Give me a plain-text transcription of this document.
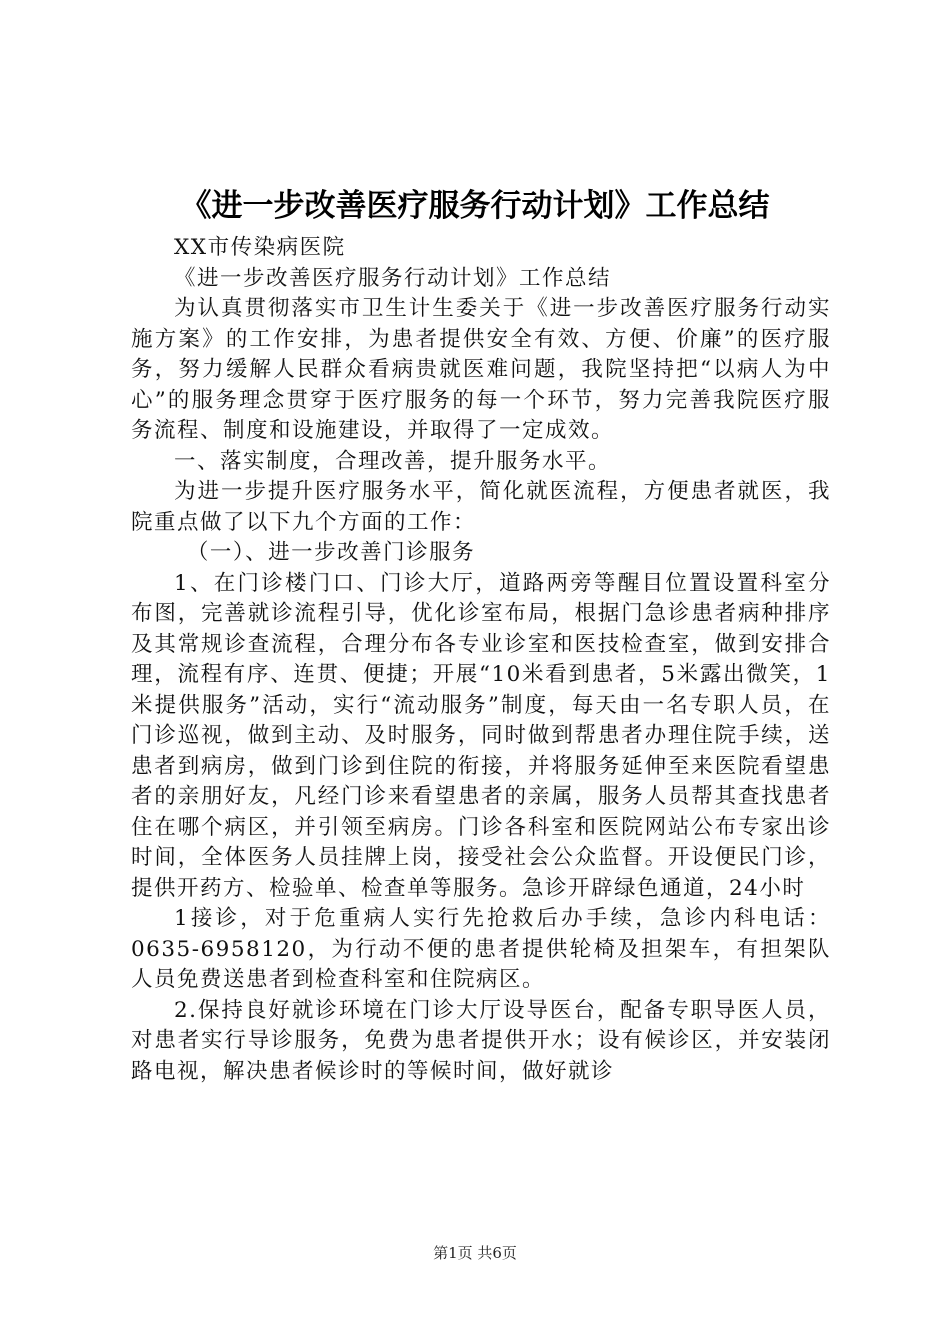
《进一步改善医疗服务行动计划》工作总结

XX市传染病医院

《进一步改善医疗服务行动计划》工作总结

为认真贯彻落实市卫生计生委关于《进一步改善医疗服务行动实施方案》的工作安排，为患者提供安全有效、方便、价廉”的医疗服务，努力缓解人民群众看病贵就医难问题，我院坚持把“以病人为中心”的服务理念贯穿于医疗服务的每一个环节，努力完善我院医疗服务流程、制度和设施建设，并取得了一定成效。

一、落实制度，合理改善，提升服务水平。

为进一步提升医疗服务水平，简化就医流程，方便患者就医，我院重点做了以下九个方面的工作：

（一）、进一步改善门诊服务

1、在门诊楼门口、门诊大厅，道路两旁等醒目位置设置科室分布图，完善就诊流程引导，优化诊室布局，根据门急诊患者病种排序及其常规诊查流程，合理分布各专业诊室和医技检查室，做到安排合理，流程有序、连贯、便捷；开展“10米看到患者，5米露出微笑，1米提供服务”活动，实行“流动服务”制度，每天由一名专职人员，在门诊巡视，做到主动、及时服务，同时做到帮患者办理住院手续，送患者到病房，做到门诊到住院的衔接，并将服务延伸至来医院看望患者的亲朋好友，凡经门诊来看望患者的亲属，服务人员帮其查找患者住在哪个病区，并引领至病房。门诊各科室和医院网站公布专家出诊时间，全体医务人员挂牌上岗，接受社会公众监督。开设便民门诊，提供开药方、检验单、检查单等服务。急诊开辟绿色通道，24小时

1接诊，对于危重病人实行先抢救后办手续，急诊内科电话：0635-6958120，为行动不便的患者提供轮椅及担架车，有担架队人员免费送患者到检查科室和住院病区。

2.保持良好就诊环境在门诊大厅设导医台，配备专职导医人员，对患者实行导诊服务，免费为患者提供开水；设有候诊区，并安装闭路电视，解决患者候诊时的等候时间，做好就诊

第1页 共6页
